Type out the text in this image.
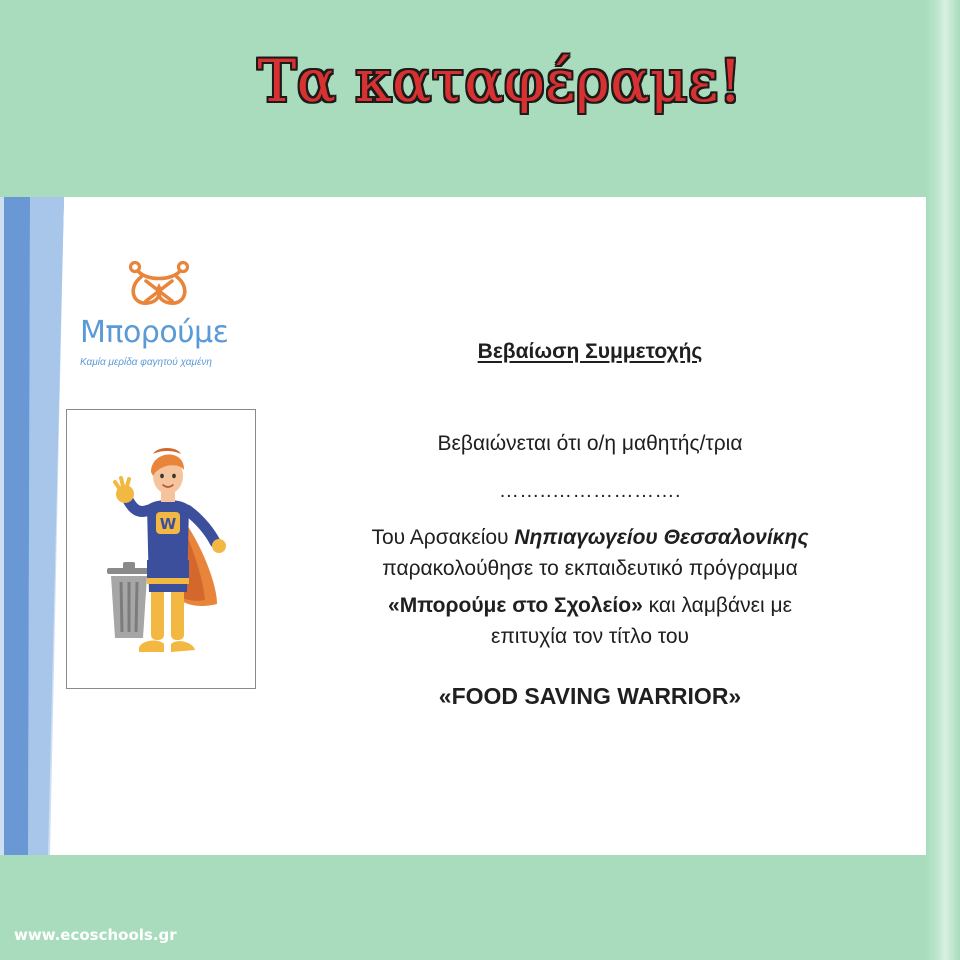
Τα καταφέραμε!
Μπορούμε
Καμία μερίδα φαγητού χαμένη
W
Βεβαίωση Συμμετοχής
Βεβαιώνεται ότι ο/η μαθητής/τρια
……..……………….
Του Αρσακείου Νηπιαγωγείου Θεσσαλονίκης
παρακολούθησε το εκπαιδευτικό πρόγραμμα
«Μπορούμε στο Σχολείο» και λαμβάνει με
επιτυχία τον τίτλο του
«FOOD SAVING WARRIOR»
www.ecoschools.gr
